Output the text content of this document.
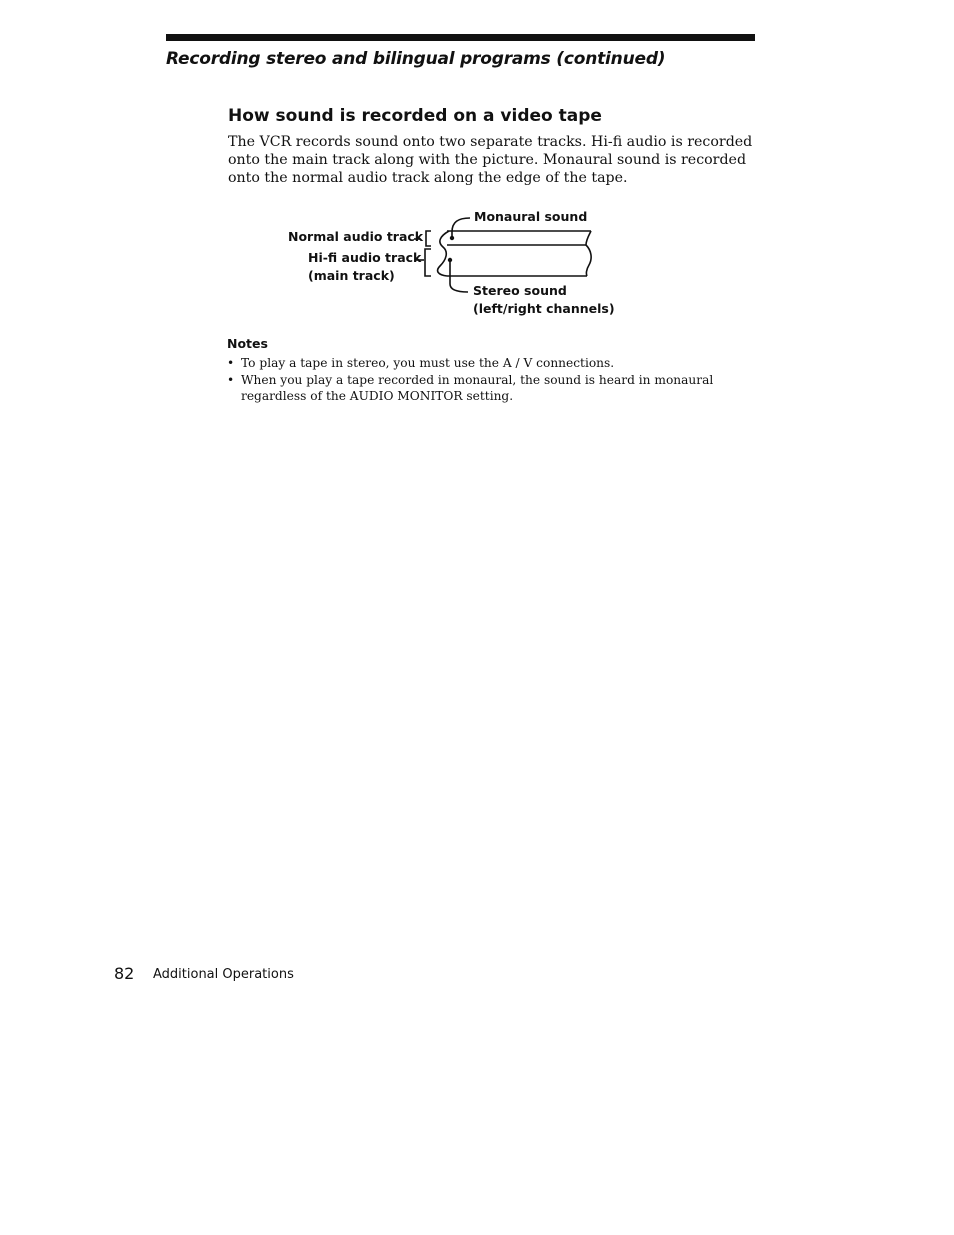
Recording stereo and bilingual programs (continued)
How sound is recorded on a video tape
The VCR records sound onto two separate tracks. Hi-fi audio is recorded
onto the main track along with the picture. Monaural sound is recorded
onto the normal audio track along the edge of the tape.
Monaural sound
Normal audio track
Hi-fi audio track
(main track)
Stereo sound
(left/right channels)
Notes
• To play a tape in stereo, you must use the A / V connections.
• When you play a tape recorded in monaural, the sound is heard in monaural
regardless of the AUDIO MONITOR setting.
82 Additional Operations
